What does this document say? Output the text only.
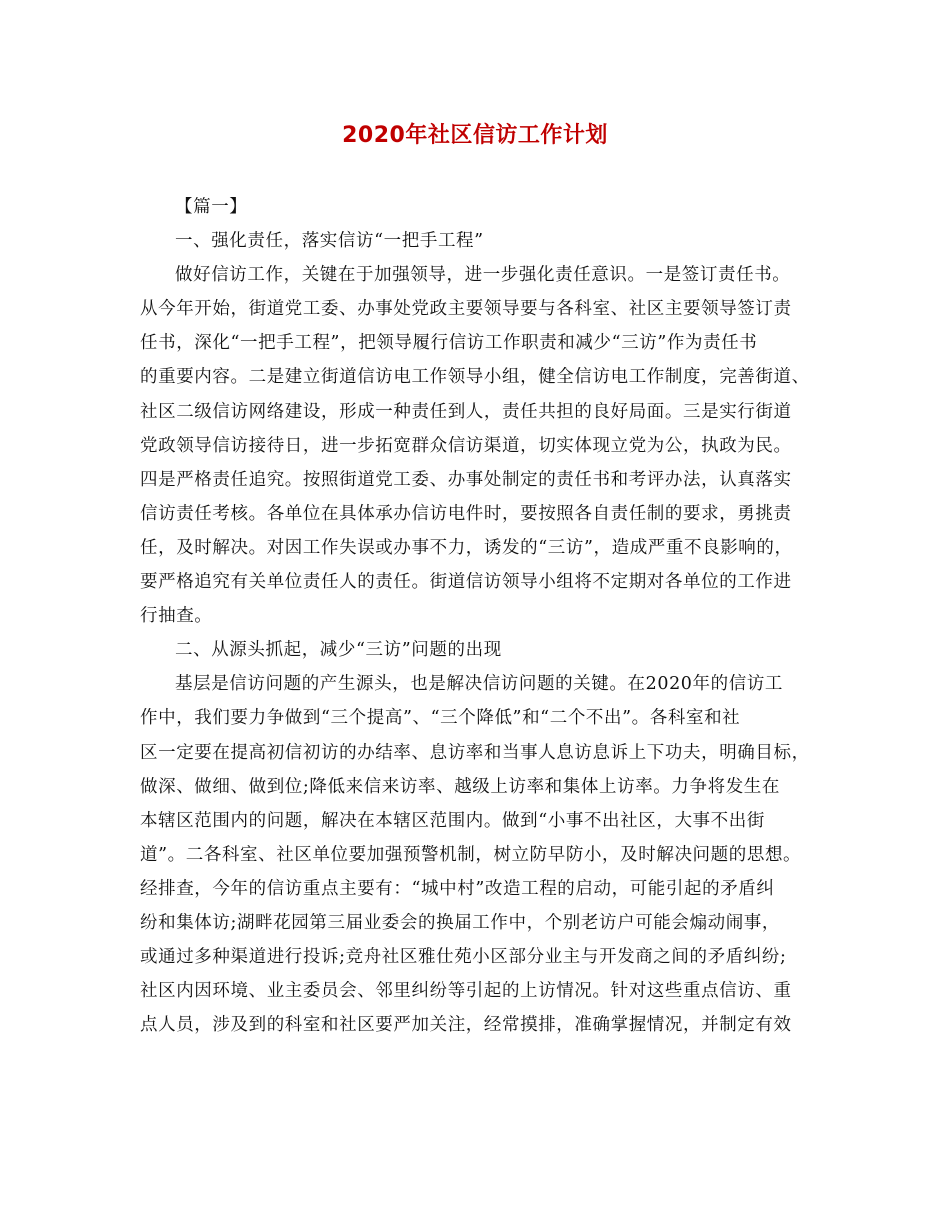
2020年社区信访工作计划
【篇一】
一、强化责任，落实信访“一把手工程”
做好信访工作，关键在于加强领导，进一步强化责任意识。一是签订责任书。
从今年开始，街道党工委、办事处党政主要领导要与各科室、社区主要领导签订责
任书，深化“一把手工程”，把领导履行信访工作职责和减少“三访”作为责任书
的重要内容。二是建立街道信访电工作领导小组，健全信访电工作制度，完善街道、
社区二级信访网络建设，形成一种责任到人，责任共担的良好局面。三是实行街道
党政领导信访接待日，进一步拓宽群众信访渠道，切实体现立党为公，执政为民。
四是严格责任追究。按照街道党工委、办事处制定的责任书和考评办法，认真落实
信访责任考核。各单位在具体承办信访电件时，要按照各自责任制的要求，勇挑责
任，及时解决。对因工作失误或办事不力，诱发的“三访”，造成严重不良影响的，
要严格追究有关单位责任人的责任。街道信访领导小组将不定期对各单位的工作进
行抽查。
二、从源头抓起，减少“三访”问题的出现
基层是信访问题的产生源头，也是解决信访问题的关键。在2020年的信访工
作中，我们要力争做到“三个提高”、“三个降低”和“二个不出”。各科室和社
区一定要在提高初信初访的办结率、息访率和当事人息访息诉上下功夫，明确目标，
做深、做细、做到位;降低来信来访率、越级上访率和集体上访率。力争将发生在
本辖区范围内的问题，解决在本辖区范围内。做到“小事不出社区，大事不出街
道”。二各科室、社区单位要加强预警机制，树立防早防小，及时解决问题的思想。
经排查，今年的信访重点主要有：“城中村”改造工程的启动，可能引起的矛盾纠
纷和集体访;湖畔花园第三届业委会的换届工作中，个别老访户可能会煽动闹事，
或通过多种渠道进行投诉;竞舟社区雅仕苑小区部分业主与开发商之间的矛盾纠纷;
社区内因环境、业主委员会、邻里纠纷等引起的上访情况。针对这些重点信访、重
点人员，涉及到的科室和社区要严加关注，经常摸排，准确掌握情况，并制定有效
